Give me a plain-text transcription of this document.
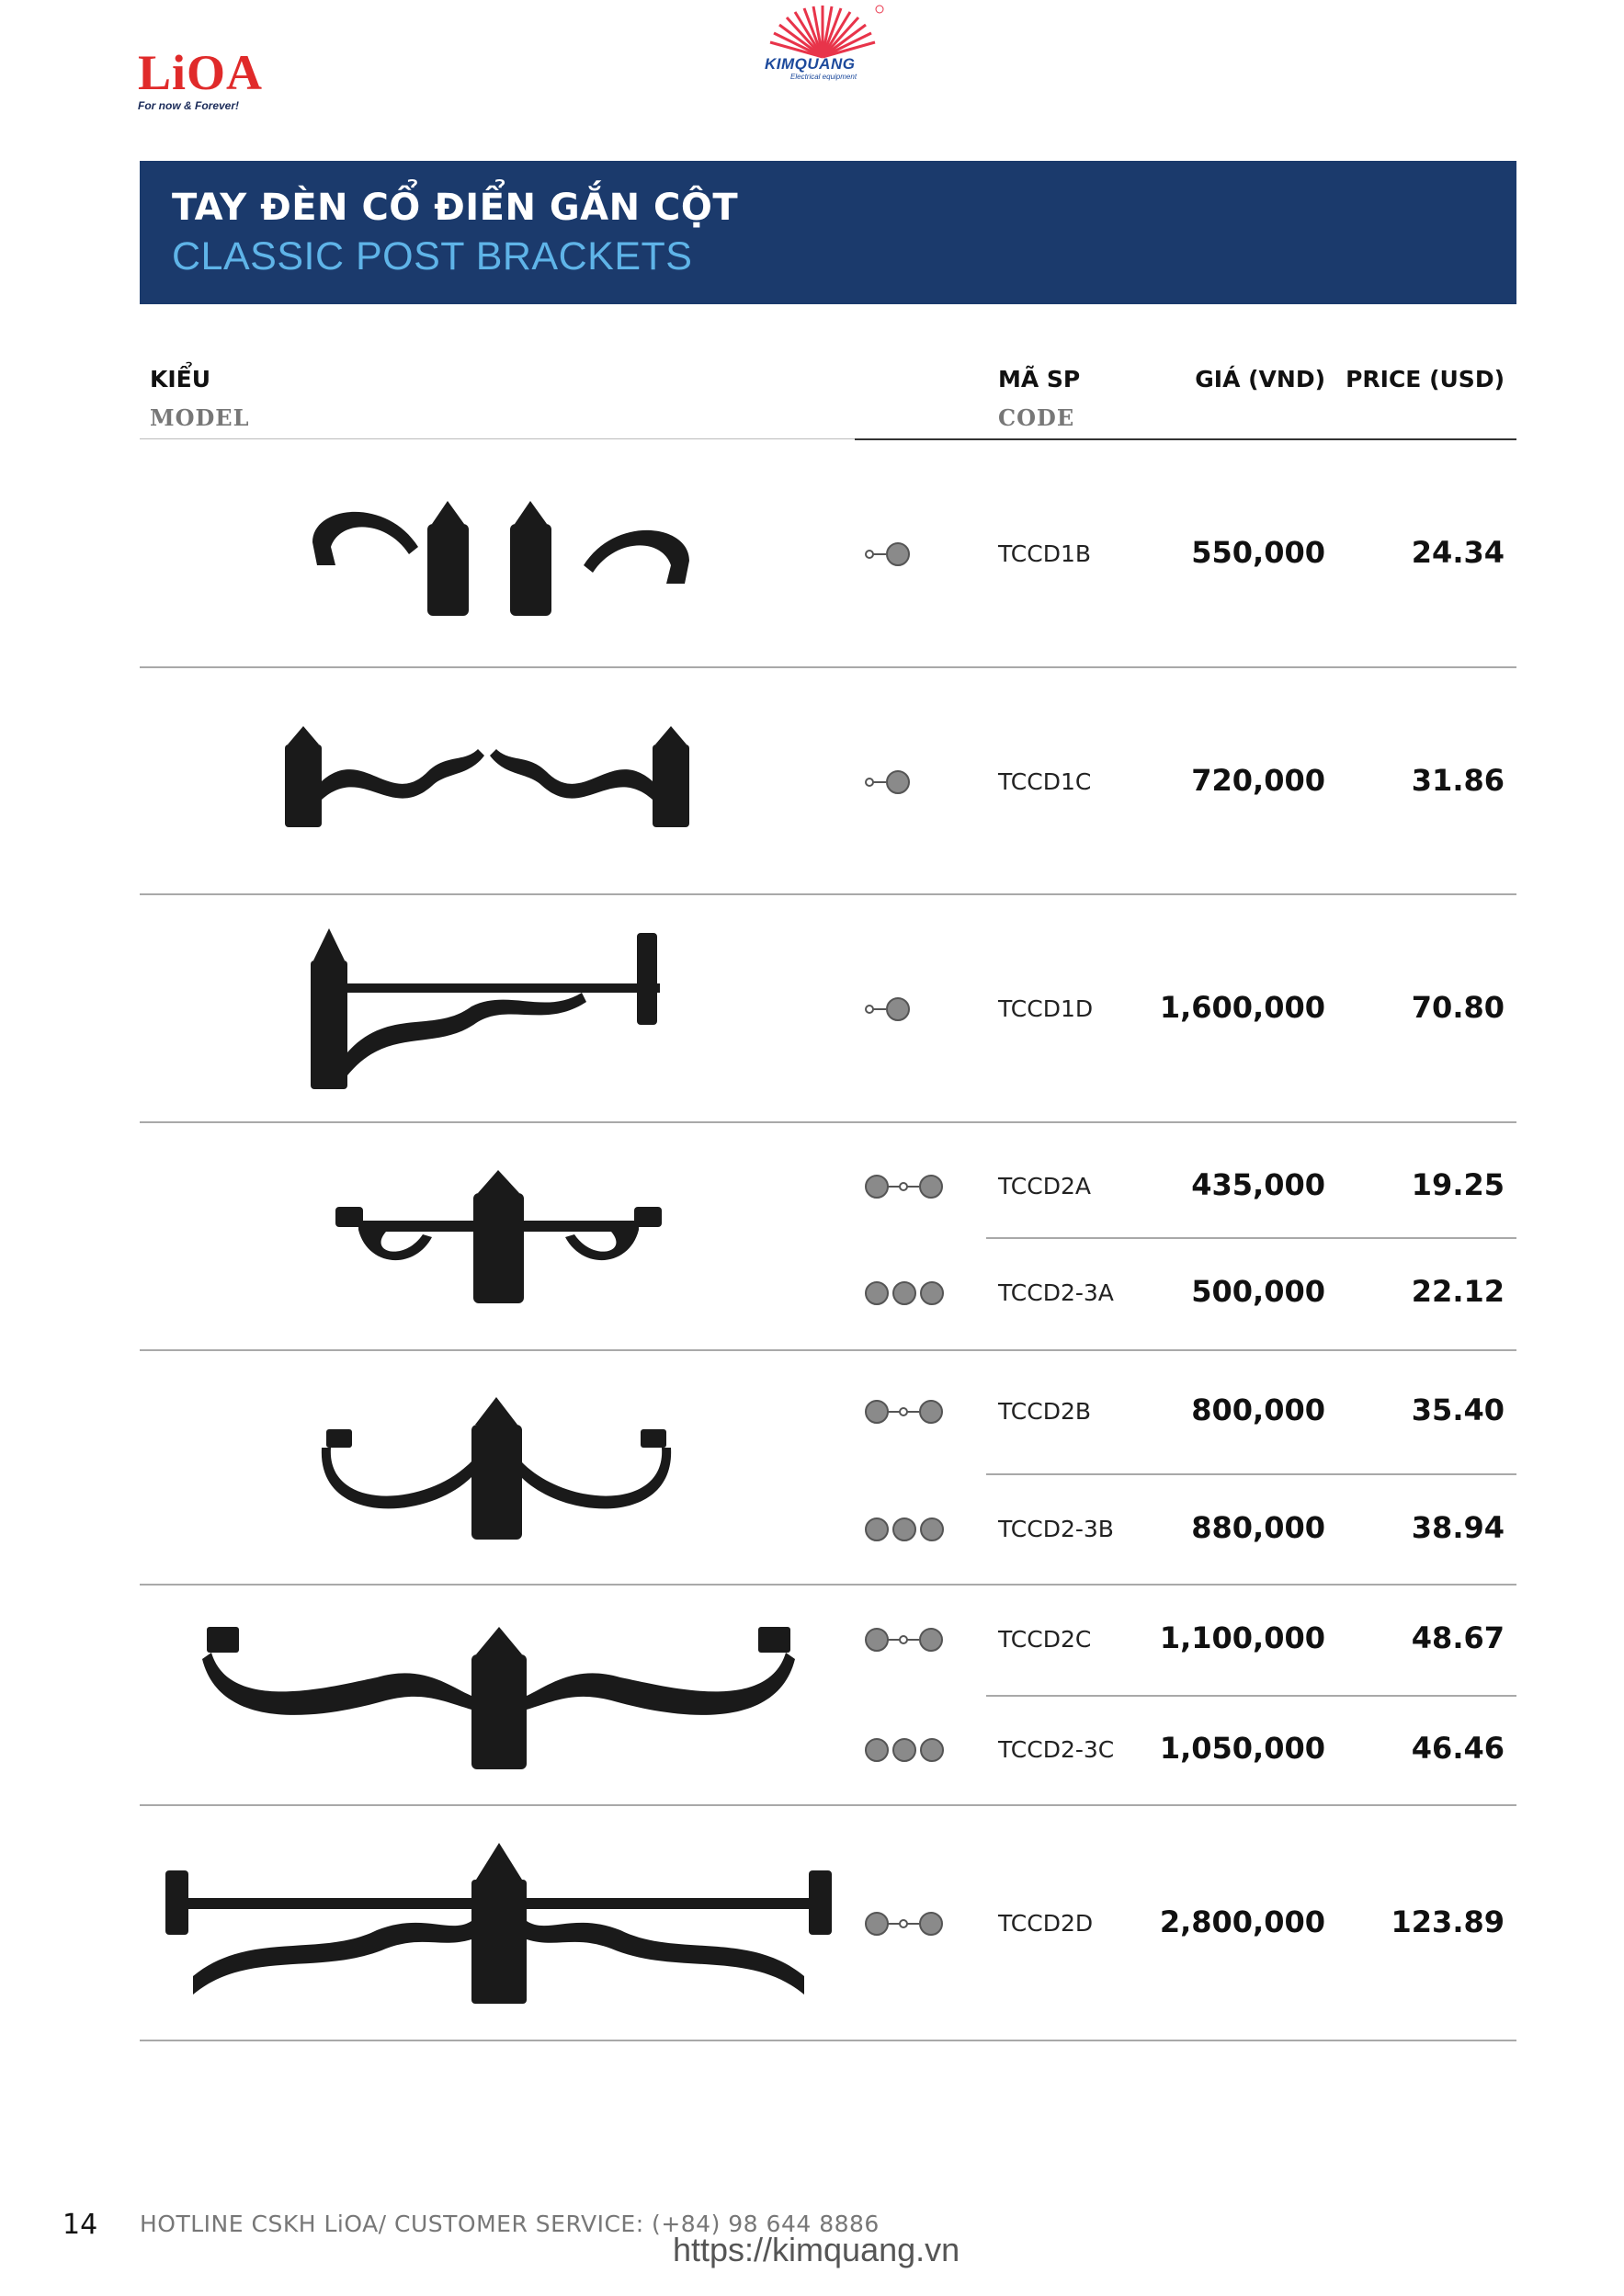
LiOA
For now & Forever!
KIMQUANG
Electrical equipment
TAY ĐÈN CỔ ĐIỂN GẮN CỘT
CLASSIC POST BRACKETS
KIỂU
MODEL
MÃ SP
CODE
GIÁ (VND) PRICE (USD)
TCCD1B	550,000	24.34
TCCD1C	720,000	31.86
TCCD1D 1,600,000	70.80
TCCD2A	435,000	19.25
TCCD2-3A	500,000	22.12
TCCD2B	800,000	35.40
TCCD2-3B	880,000	38.94
TCCD2C 1,100,000	48.67
TCCD2-3C 1,050,000	46.46
TCCD2D 2,800,000 123.89
14 HOTLINE CSKH LiOA/ CUSTOMER SERVICE: (+84) 98 644 8886
https://kimquang.vn
